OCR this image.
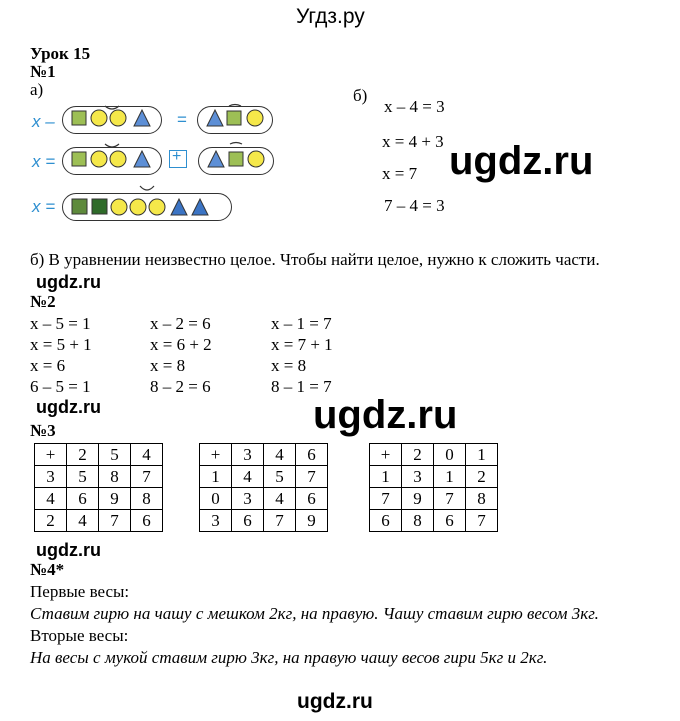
Угдз.ру
Урок 15
№1
а)	б)
x –	=
x =	+
x =
x – 4 = 3
x = 4 + 3
x = 7
7 – 4 = 3
ugdz.ru
ugdz.ru
б) В уравнении неизвестно целое. Чтобы найти целое, нужно к сложить части.
ugdz.ru
№2
x – 5 = 1
x = 5 + 1
x = 6
6 – 5 = 1
x – 2 = 6
x = 6 + 2
x = 8
8 – 2 = 6
x – 1 = 7
x = 7 + 1
x = 8
8 – 1 = 7
ugdz.ru
№3
+	2	5	4
3	5	8	7
4	6	9	8
2	4	7	6
+	3	4	6
1	4	5	7
0	3	4	6
3	6	7	9
+	2	0	1
1	3	1	2
7	9	7	8
6	8	6	7
ugdz.ru
№4*
Первые весы:
Ставим гирю на чашу с мешком 2кг, на правую. Чашу ставим гирю весом 3кг.
Вторые весы:
На весы с мукой ставим гирю 3кг, на правую чашу весов гири 5кг и 2кг.
ugdz.ru
